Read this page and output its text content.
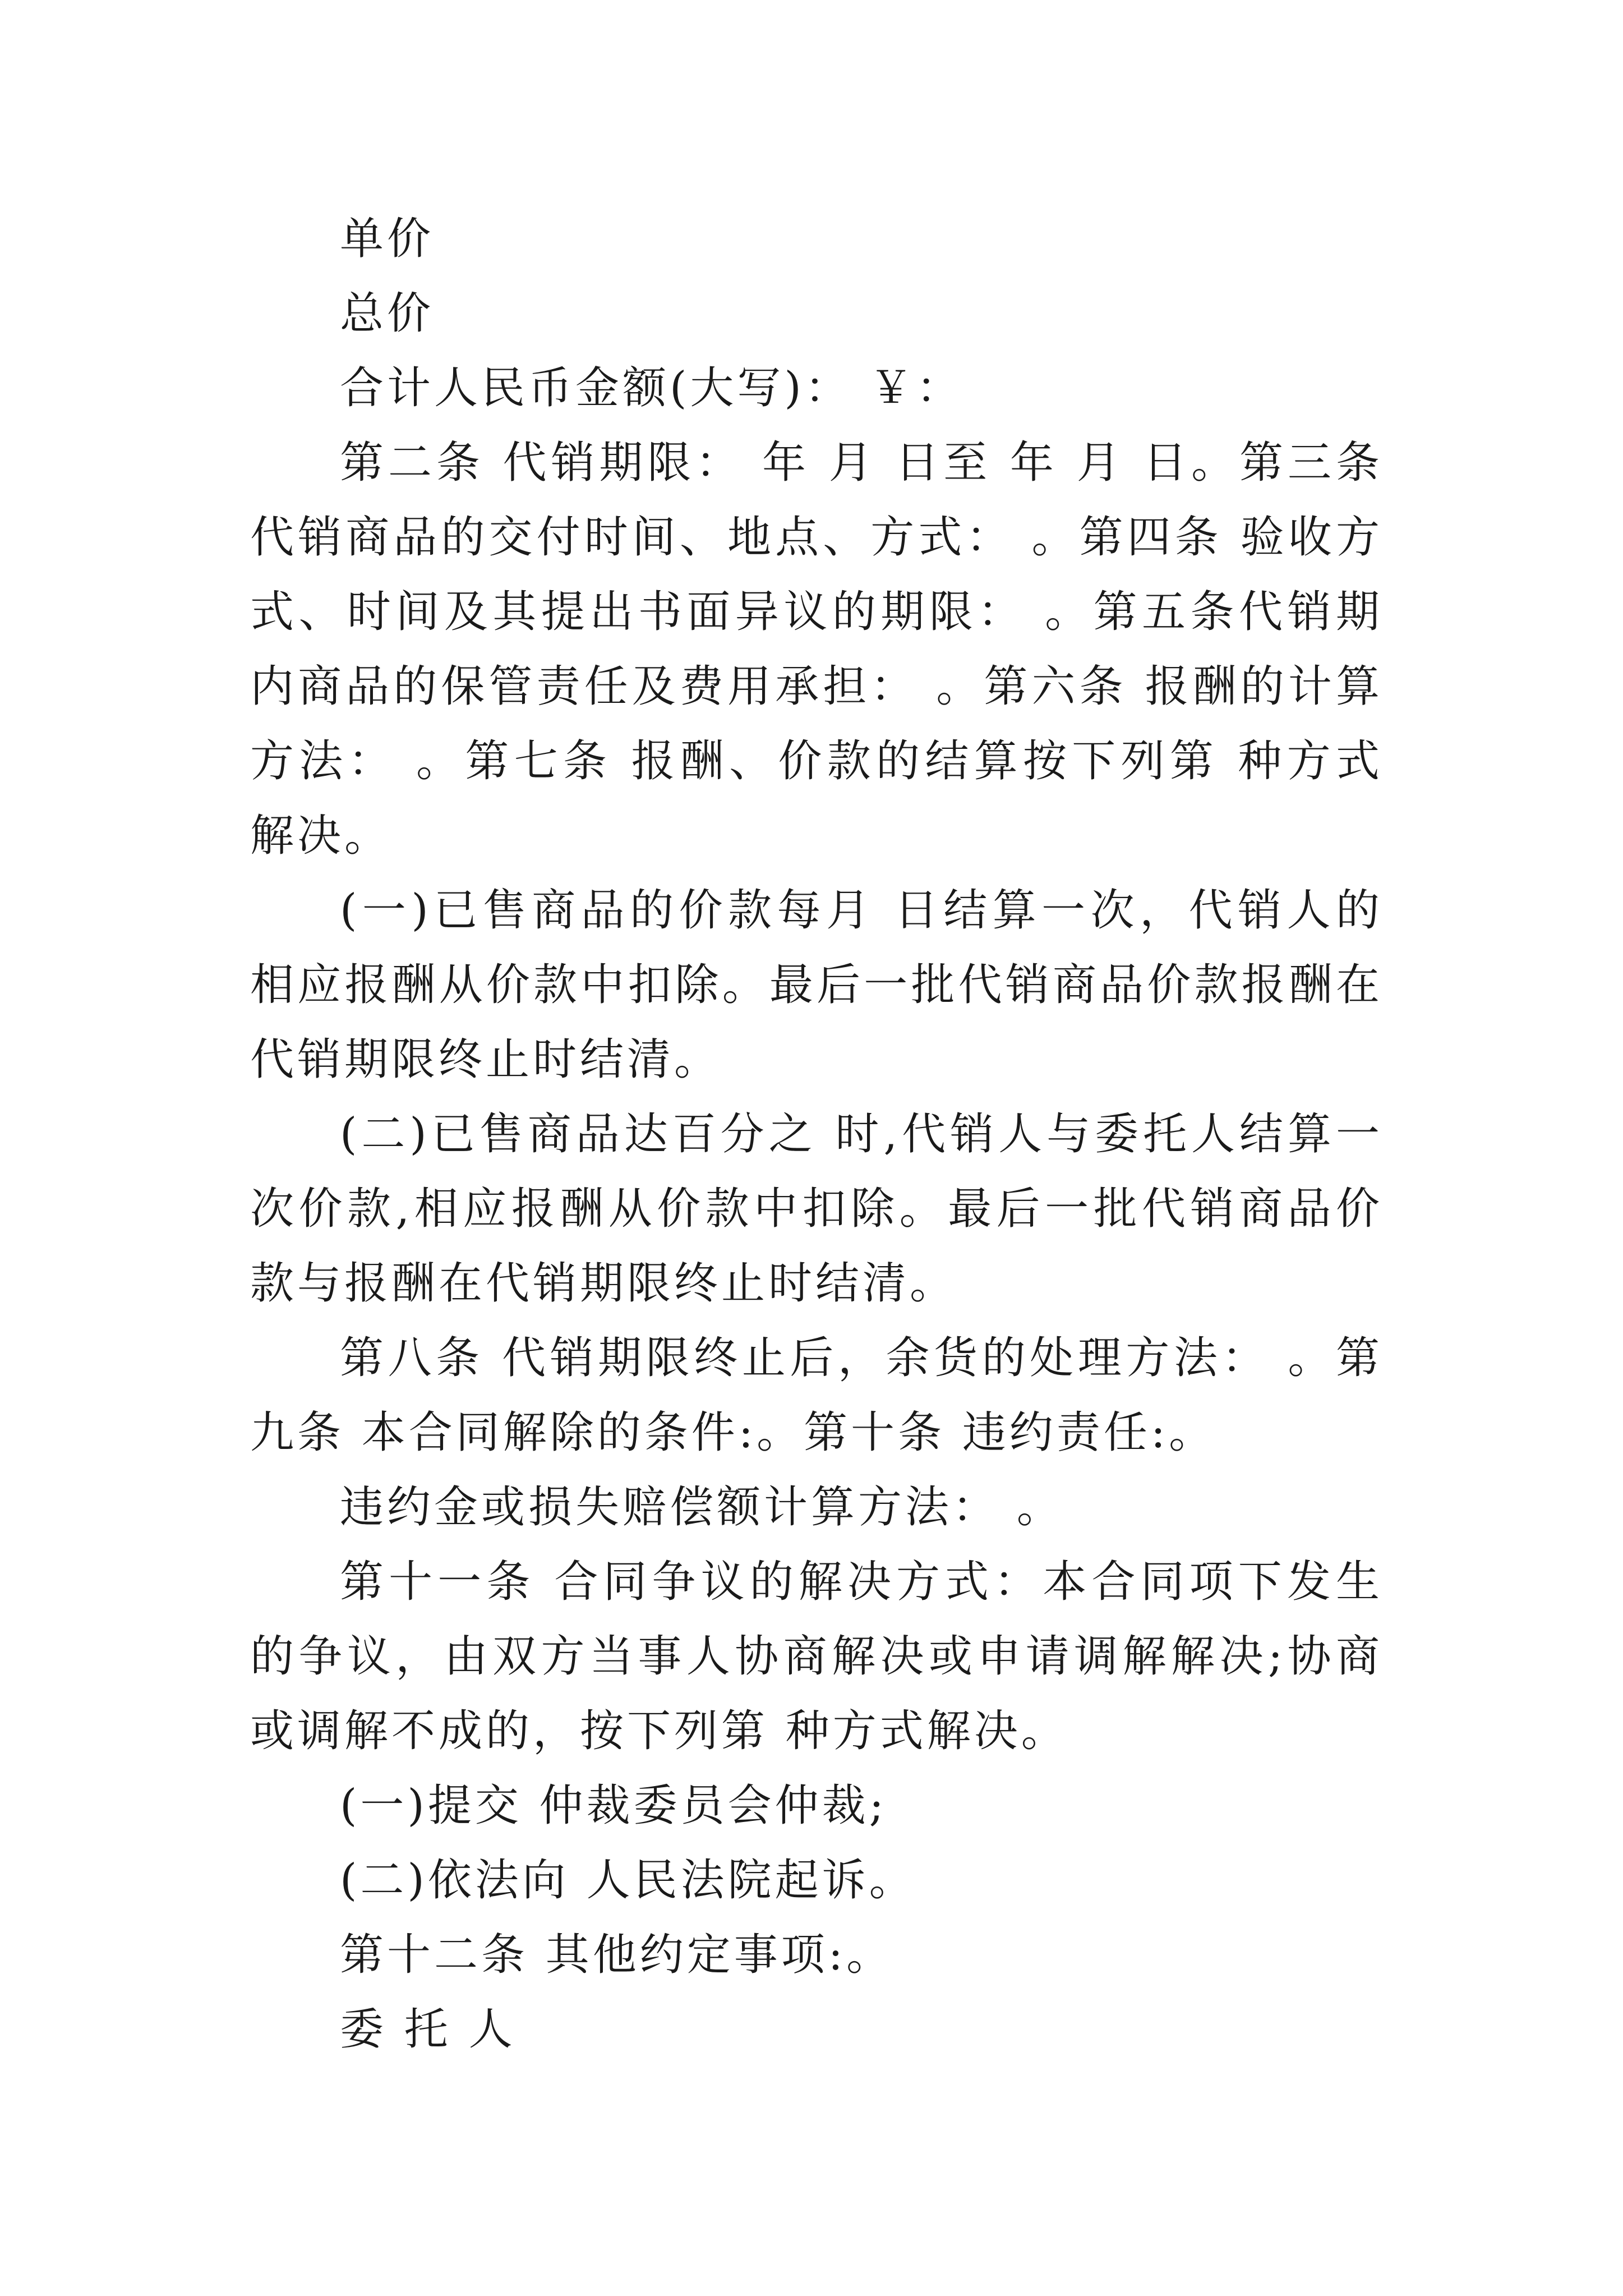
单价

总价

合计人民币金额(大写)： ￥：

第二条 代销期限： 年 月 日至 年 月 日。第三条 代销商品的交付时间、地点、方式： 。第四条 验收方式、时间及其提出书面异议的期限： 。第五条代销期内商品的保管责任及费用承担： 。第六条 报酬的计算方法： 。第七条 报酬、价款的结算按下列第 种方式解决。

(一)已售商品的价款每月 日结算一次，代销人的相应报酬从价款中扣除。最后一批代销商品价款报酬在代销期限终止时结清。

(二)已售商品达百分之 时,代销人与委托人结算一次价款,相应报酬从价款中扣除。最后一批代销商品价款与报酬在代销期限终止时结清。

第八条 代销期限终止后，余货的处理方法： 。第九条 本合同解除的条件:。第十条 违约责任:。

违约金或损失赔偿额计算方法： 。

第十一条 合同争议的解决方式：本合同项下发生的争议，由双方当事人协商解决或申请调解解决;协商或调解不成的，按下列第 种方式解决。

(一)提交 仲裁委员会仲裁;

(二)依法向 人民法院起诉。

第十二条 其他约定事项:。

委 托 人
